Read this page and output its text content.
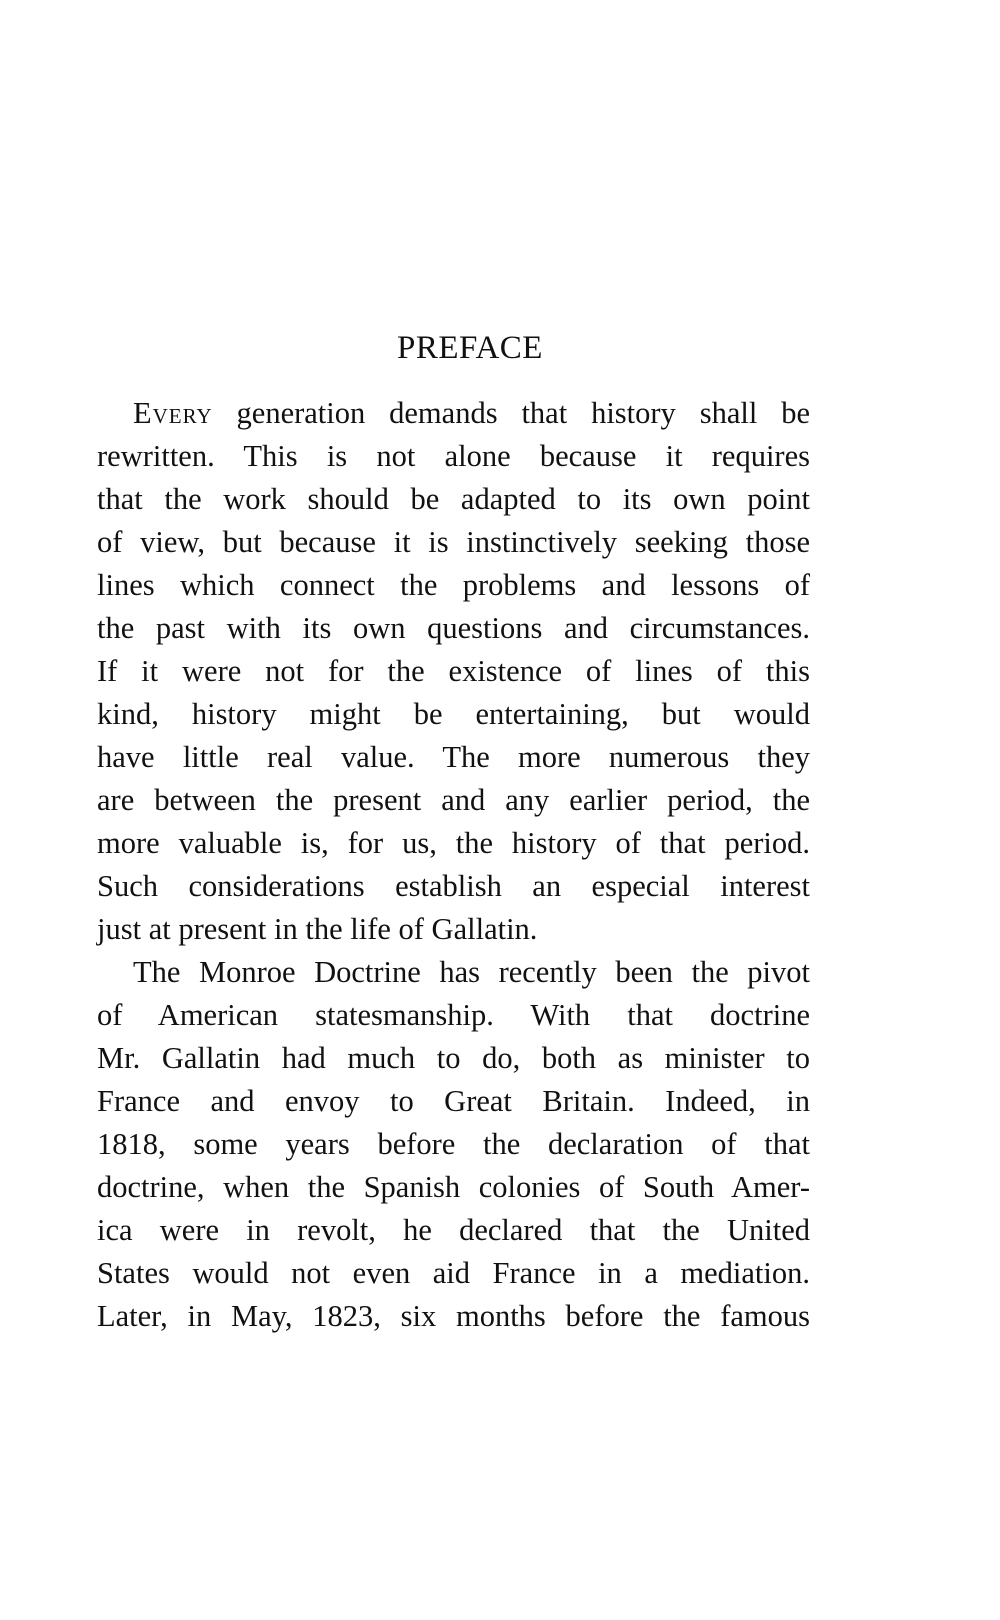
PREFACE
Every generation demands that history shall be
rewritten. This is not alone because it requires
that the work should be adapted to its own point
of view, but because it is instinctively seeking those
lines which connect the problems and lessons of
the past with its own questions and circumstances.
If it were not for the existence of lines of this
kind, history might be entertaining, but would
have little real value. The more numerous they
are between the present and any earlier period, the
more valuable is, for us, the history of that period.
Such considerations establish an especial interest
just at present in the life of Gallatin.
The Monroe Doctrine has recently been the pivot
of American statesmanship. With that doctrine
Mr. Gallatin had much to do, both as minister to
France and envoy to Great Britain. Indeed, in
1818, some years before the declaration of that
doctrine, when the Spanish colonies of South Amer-
ica were in revolt, he declared that the United
States would not even aid France in a mediation.
Later, in May, 1823, six months before the famous
